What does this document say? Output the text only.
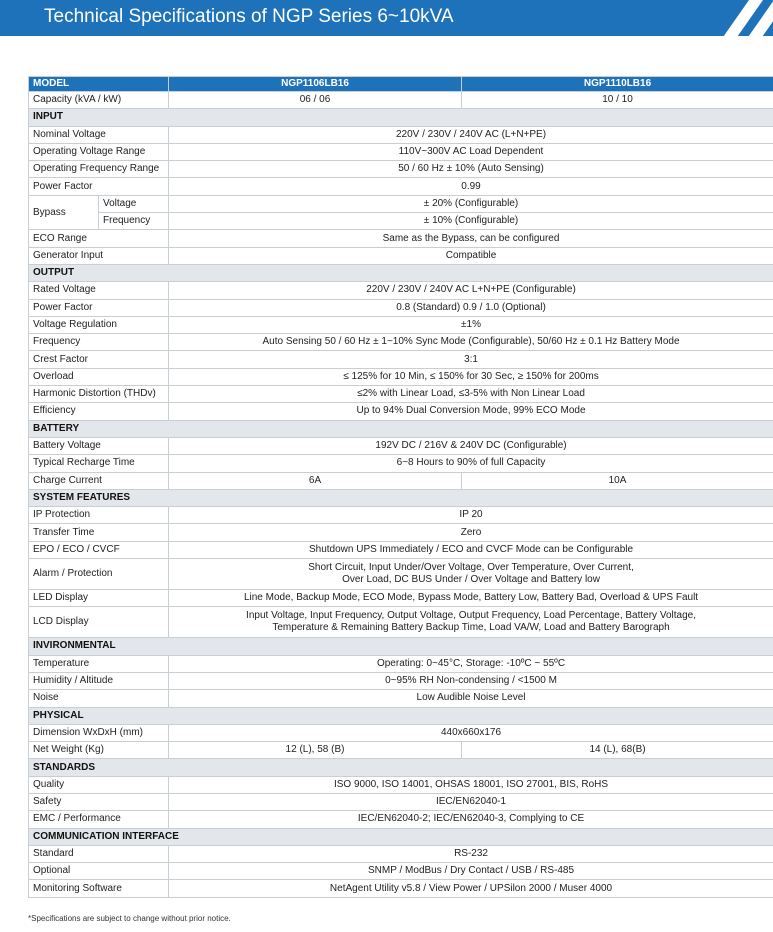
Technical Specifications of NGP Series 6~10kVA
MODEL		NGP1106LB16	NGP1110LB16
Capacity (kVA / kW)		06 / 06	10 / 10
INPUT			
Nominal Voltage		220V / 230V / 240V AC (L+N+PE)	
Operating Voltage Range		110V~300V AC Load Dependent	
Operating Frequency Range		50 / 60 Hz ± 10% (Auto Sensing)	
Power Factor		0.99	
Bypass	Voltage	± 20% (Configurable)	
	Frequency	± 10% (Configurable)	
ECO Range		Same as the Bypass, can be configured	
Generator Input		Compatible	
OUTPUT			
Rated Voltage		220V / 230V / 240V AC L+N+PE (Configurable)	
Power Factor		0.8 (Standard) 0.9 / 1.0 (Optional)	
Voltage Regulation		±1%	
Frequency		Auto Sensing 50 / 60 Hz ± 1~10% Sync Mode (Configurable), 50/60 Hz ± 0.1 Hz Battery Mode	
Crest Factor		3:1	
Overload		≤ 125% for 10 Min, ≤ 150% for 30 Sec, ≥ 150% for 200ms	
Harmonic Distortion (THDv)		≤2% with Linear Load, ≤3-5% with Non Linear Load	
Efficiency		Up to 94% Dual Conversion Mode, 99% ECO Mode	
BATTERY			
Battery Voltage		192V DC / 216V & 240V DC (Configurable)	
Typical Recharge Time		6~8 Hours to 90% of full Capacity	
Charge Current		6A	10A
SYSTEM FEATURES			
IP Protection		IP 20	
Transfer Time		Zero	
EPO / ECO / CVCF		Shutdown UPS Immediately / ECO and CVCF Mode can be Configurable	
Alarm / Protection		Short Circuit, Input Under/Over Voltage, Over Temperature, Over Current,
Over Load, DC BUS Under / Over Voltage and Battery low	

LED Display		Line Mode, Backup Mode, ECO Mode, Bypass Mode, Battery Low, Battery Bad, Overload & UPS Fault	
LCD Display		Input Voltage, Input Frequency, Output Voltage, Output Frequency, Load Percentage, Battery Voltage,
Temperature & Remaining Battery Backup Time, Load VA/W, Load and Battery Barograph	

INVIRONMENTAL			
Temperature		Operating: 0~45°C, Storage: -10ºC ~ 55ºC	
Humidity / Altitude		0~95% RH Non-condensing / <1500 M	
Noise		Low Audible Noise Level	
PHYSICAL			
Dimension WxDxH (mm)		440x660x176	
Net Weight (Kg)		12 (L), 58 (B)	14 (L), 68(B)
STANDARDS			
Quality		ISO 9000, ISO 14001, OHSAS 18001, ISO 27001, BIS, RoHS	
Safety		IEC/EN62040-1	
EMC / Performance		IEC/EN62040-2; IEC/EN62040-3, Complying to CE	
COMMUNICATION INTERFACE			
Standard		RS-232	
Optional		SNMP / ModBus / Dry Contact / USB / RS-485	
Monitoring Software		NetAgent Utility v5.8 / View Power / UPSilon 2000 / Muser 4000	
*Specifications are subject to change without prior notice.
